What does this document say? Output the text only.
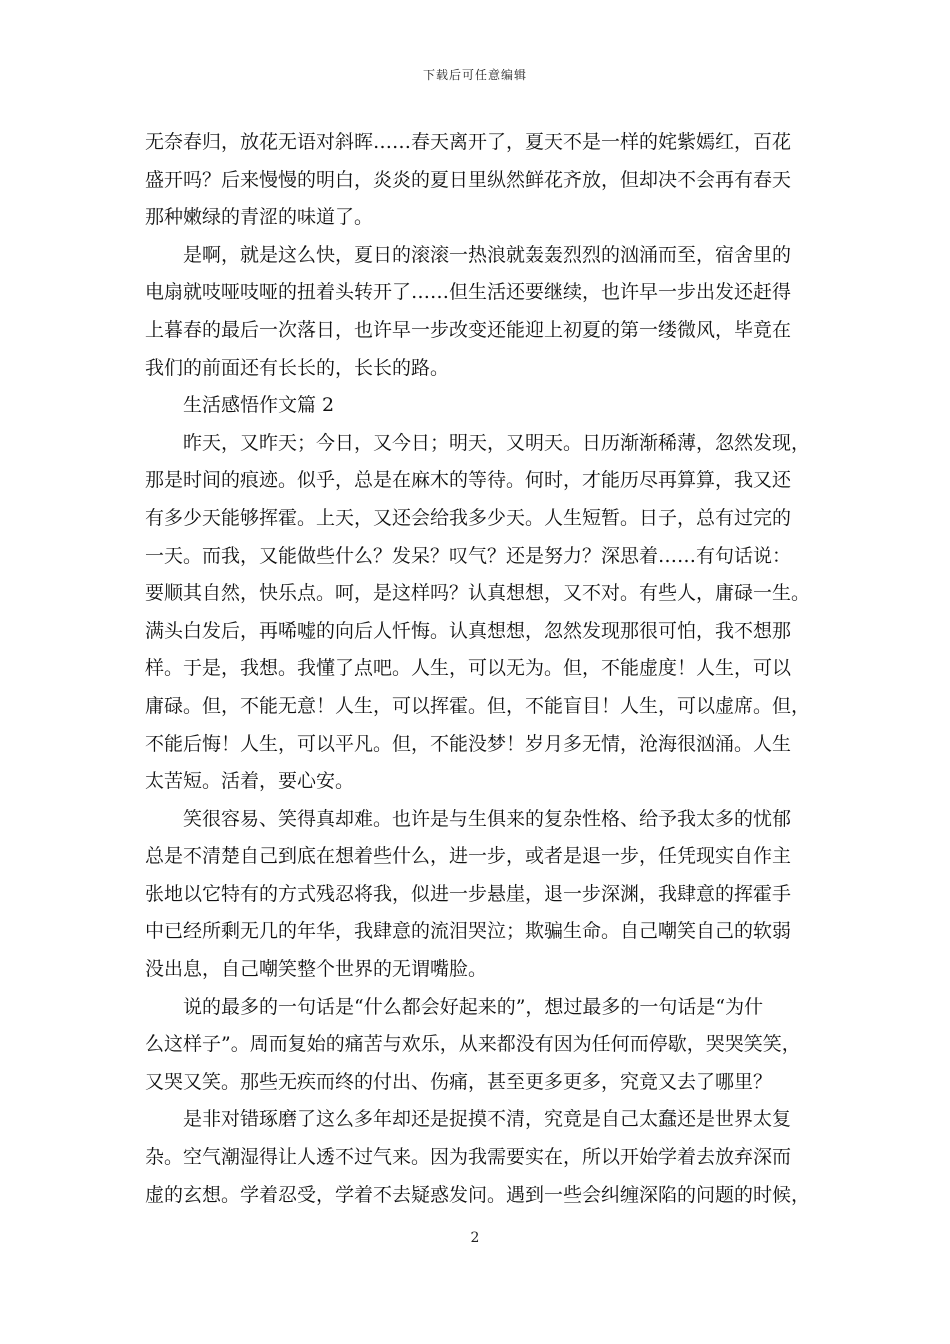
下载后可任意编辑
无奈春归，放花无语对斜晖……春天离开了，夏天不是一样的姹紫嫣红，百花
盛开吗？后来慢慢的明白，炎炎的夏日里纵然鲜花齐放，但却决不会再有春天
那种嫩绿的青涩的味道了。
是啊，就是这么快，夏日的滚滚一热浪就轰轰烈烈的汹涌而至，宿舍里的
电扇就吱哑吱哑的扭着头转开了……但生活还要继续，也许早一步出发还赶得
上暮春的最后一次落日，也许早一步改变还能迎上初夏的第一缕微风，毕竟在
我们的前面还有长长的，长长的路。
生活感悟作文篇 2
昨天，又昨天；今日，又今日；明天，又明天。日历渐渐稀薄，忽然发现，
那是时间的痕迹。似乎，总是在麻木的等待。何时，才能历尽再算算，我又还
有多少天能够挥霍。上天，又还会给我多少天。人生短暂。日子，总有过完的
一天。而我，又能做些什么？发呆？叹气？还是努力？深思着……有句话说：
要顺其自然，快乐点。呵，是这样吗？认真想想，又不对。有些人，庸碌一生。
满头白发后，再唏嘘的向后人忏悔。认真想想，忽然发现那很可怕，我不想那
样。于是，我想。我懂了点吧。人生，可以无为。但，不能虚度！人生，可以
庸碌。但，不能无意！人生，可以挥霍。但，不能盲目！人生，可以虚席。但，
不能后悔！人生，可以平凡。但，不能没梦！岁月多无情，沧海很汹涌。人生
太苦短。活着，要心安。
笑很容易、笑得真却难。也许是与生俱来的复杂性格、给予我太多的忧郁
总是不清楚自己到底在想着些什么，进一步，或者是退一步，任凭现实自作主
张地以它特有的方式残忍将我，似进一步悬崖，退一步深渊，我肆意的挥霍手
中已经所剩无几的年华，我肆意的流泪哭泣；欺骗生命。自己嘲笑自己的软弱
没出息，自己嘲笑整个世界的无谓嘴脸。
说的最多的一句话是“什么都会好起来的”，想过最多的一句话是“为什
么这样子”。周而复始的痛苦与欢乐，从来都没有因为任何而停歇，哭哭笑笑，
又哭又笑。那些无疾而终的付出、伤痛，甚至更多更多，究竟又去了哪里？
是非对错琢磨了这么多年却还是捉摸不清，究竟是自己太蠢还是世界太复
杂。空气潮湿得让人透不过气来。因为我需要实在，所以开始学着去放弃深而
虚的玄想。学着忍受，学着不去疑惑发问。遇到一些会纠缠深陷的问题的时候，
2
